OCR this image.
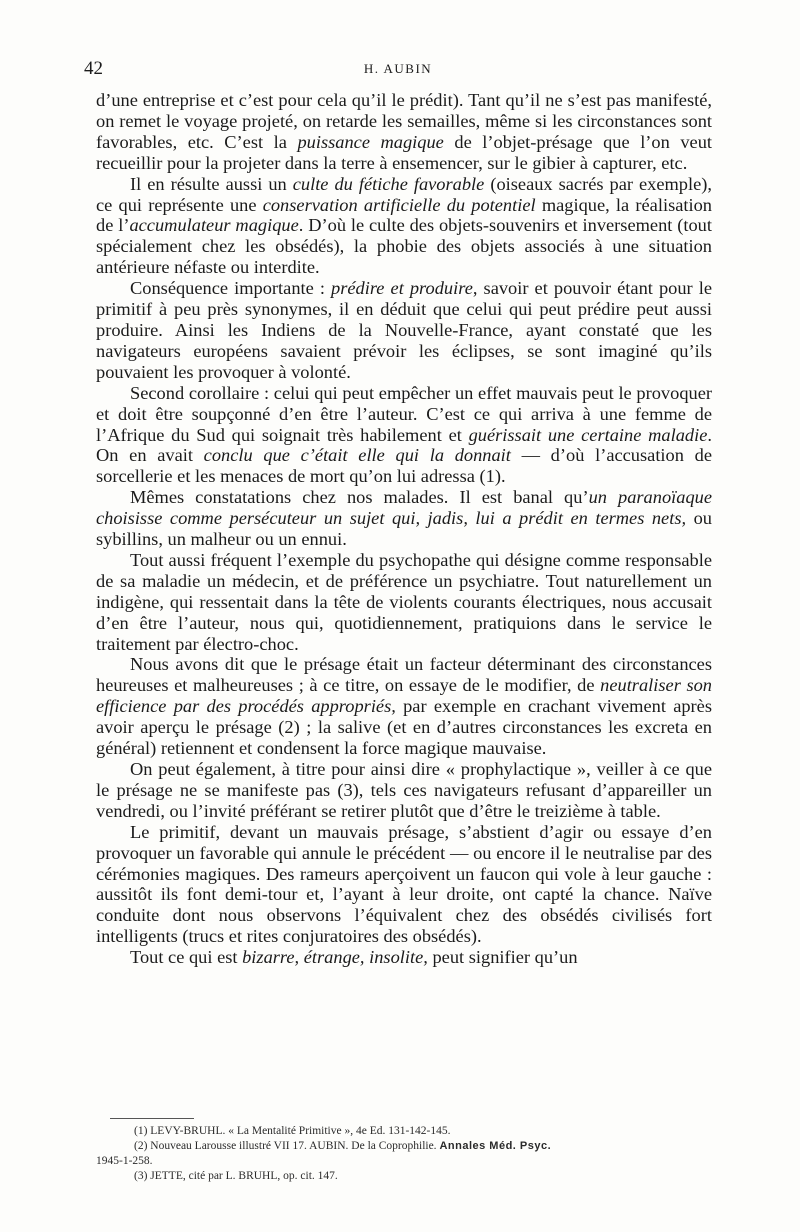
42	H. AUBIN

d’une entreprise et c’est pour cela qu’il le prédit). Tant qu’il ne s’est pas manifesté, on remet le voyage projeté, on retarde les semailles, même si les circonstances sont favorables, etc. C’est la puissance magique de l’objet-présage que l’on veut recueillir pour la projeter dans la terre à ensemencer, sur le gibier à capturer, etc.

Il en résulte aussi un culte du fétiche favorable (oiseaux sacrés par exemple), ce qui représente une conservation artificielle du potentiel magique, la réalisation de l’accumulateur magique. D’où le culte des objets-souvenirs et inversement (tout spécialement chez les obsédés), la phobie des objets associés à une situation antérieure néfaste ou interdite.

Conséquence importante : prédire et produire, savoir et pouvoir étant pour le primitif à peu près synonymes, il en déduit que celui qui peut prédire peut aussi produire. Ainsi les Indiens de la Nouvelle-France, ayant constaté que les navigateurs européens savaient prévoir les éclipses, se sont imaginé qu’ils pouvaient les provoquer à volonté.

Second corollaire : celui qui peut empêcher un effet mauvais peut le provoquer et doit être soupçonné d’en être l’auteur. C’est ce qui arriva à une femme de l’Afrique du Sud qui soignait très habilement et guérissait une certaine maladie. On en avait conclu que c’était elle qui la donnait — d’où l’accusation de sorcellerie et les menaces de mort qu’on lui adressa (1).

Mêmes constatations chez nos malades. Il est banal qu’un paranoïaque choisisse comme persécuteur un sujet qui, jadis, lui a prédit en termes nets, ou sybillins, un malheur ou un ennui.

Tout aussi fréquent l’exemple du psychopathe qui désigne comme responsable de sa maladie un médecin, et de préférence un psychiatre. Tout naturellement un indigène, qui ressentait dans la tête de violents courants électriques, nous accusait d’en être l’auteur, nous qui, quotidiennement, pratiquions dans le service le traitement par électro-choc.

Nous avons dit que le présage était un facteur déterminant des circonstances heureuses et malheureuses ; à ce titre, on essaye de le modifier, de neutraliser son efficience par des procédés appropriés, par exemple en crachant vivement après avoir aperçu le présage (2) ; la salive (et en d’autres circonstances les excreta en général) retiennent et condensent la force magique mauvaise.

On peut également, à titre pour ainsi dire « prophylactique », veiller à ce que le présage ne se manifeste pas (3), tels ces navigateurs refusant d’appareiller un vendredi, ou l’invité préférant se retirer plutôt que d’être le treizième à table.

Le primitif, devant un mauvais présage, s’abstient d’agir ou essaye d’en provoquer un favorable qui annule le précédent — ou encore il le neutralise par des cérémonies magiques. Des rameurs aperçoivent un faucon qui vole à leur gauche : aussitôt ils font demi-tour et, l’ayant à leur droite, ont capté la chance. Naïve conduite dont nous observons l’équivalent chez des obsédés civilisés fort intelligents (trucs et rites conjuratoires des obsédés).

Tout ce qui est bizarre, étrange, insolite, peut signifier qu’un

(1) LEVY-BRUHL. « La Mentalité Primitive », 4e Ed. 131-142-145.

(2) Nouveau Larousse illustré VII 17. AUBIN. De la Coprophilie. Annales Méd. Psyc.

1945-1-258.

(3) JETTE, cité par L. BRUHL, op. cit. 147.
